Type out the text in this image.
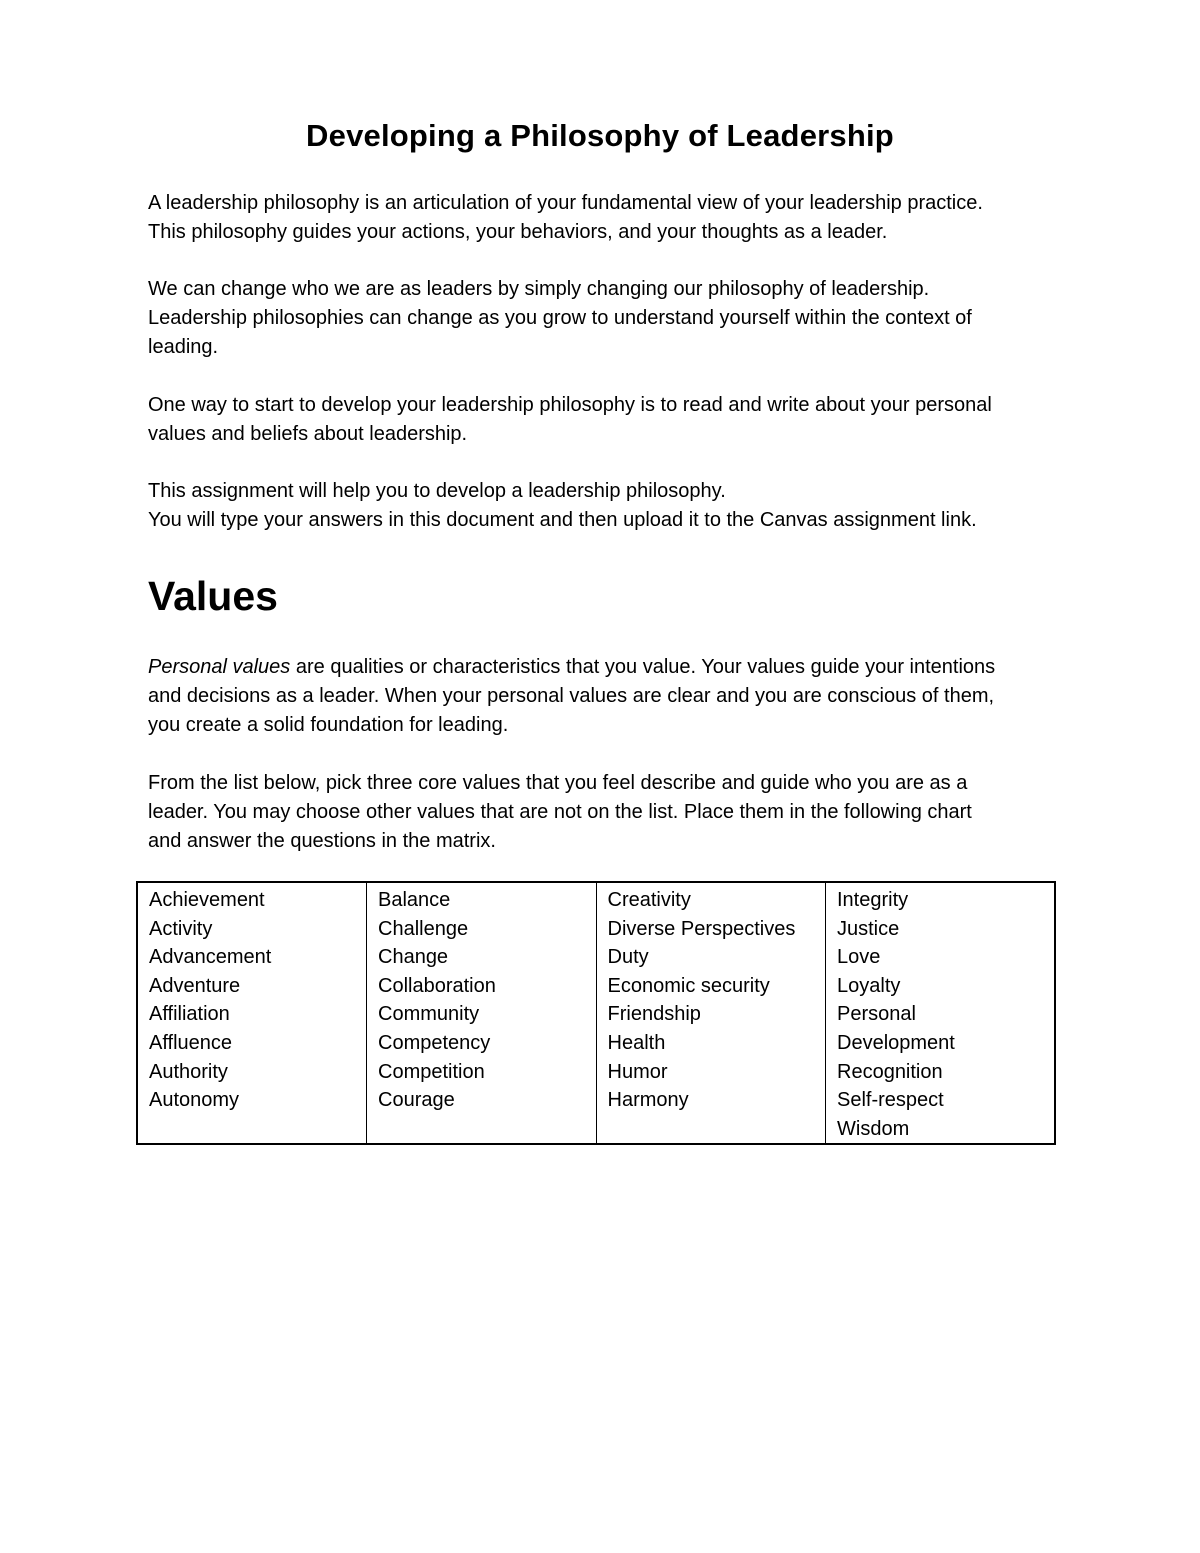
Developing a Philosophy of Leadership

A leadership philosophy is an articulation of your fundamental view of your leadership practice.
This philosophy guides your actions, your behaviors, and your thoughts as a leader.

We can change who we are as leaders by simply changing our philosophy of leadership.
Leadership philosophies can change as you grow to understand yourself within the context of
leading.

One way to start to develop your leadership philosophy is to read and write about your personal
values and beliefs about leadership.

This assignment will help you to develop a leadership philosophy.
You will type your answers in this document and then upload it to the Canvas assignment link.

Values

Personal values are qualities or characteristics that you value. Your values guide your intentions
and decisions as a leader. When your personal values are clear and you are conscious of them,
you create a solid foundation for leading.

From the list below, pick three core values that you feel describe and guide who you are as a
leader. You may choose other values that are not on the list. Place them in the following chart
and answer the questions in the matrix.

Achievement
Activity
Advancement
Adventure
Affiliation
Affluence
Authority
Autonomy

Balance
Challenge
Change
Collaboration
Community
Competency
Competition
Courage

Creativity
Diverse Perspectives
Duty
Economic security
Friendship
Health
Humor
Harmony

Integrity
Justice
Love
Loyalty
Personal
Development
Recognition
Self-respect
Wisdom
